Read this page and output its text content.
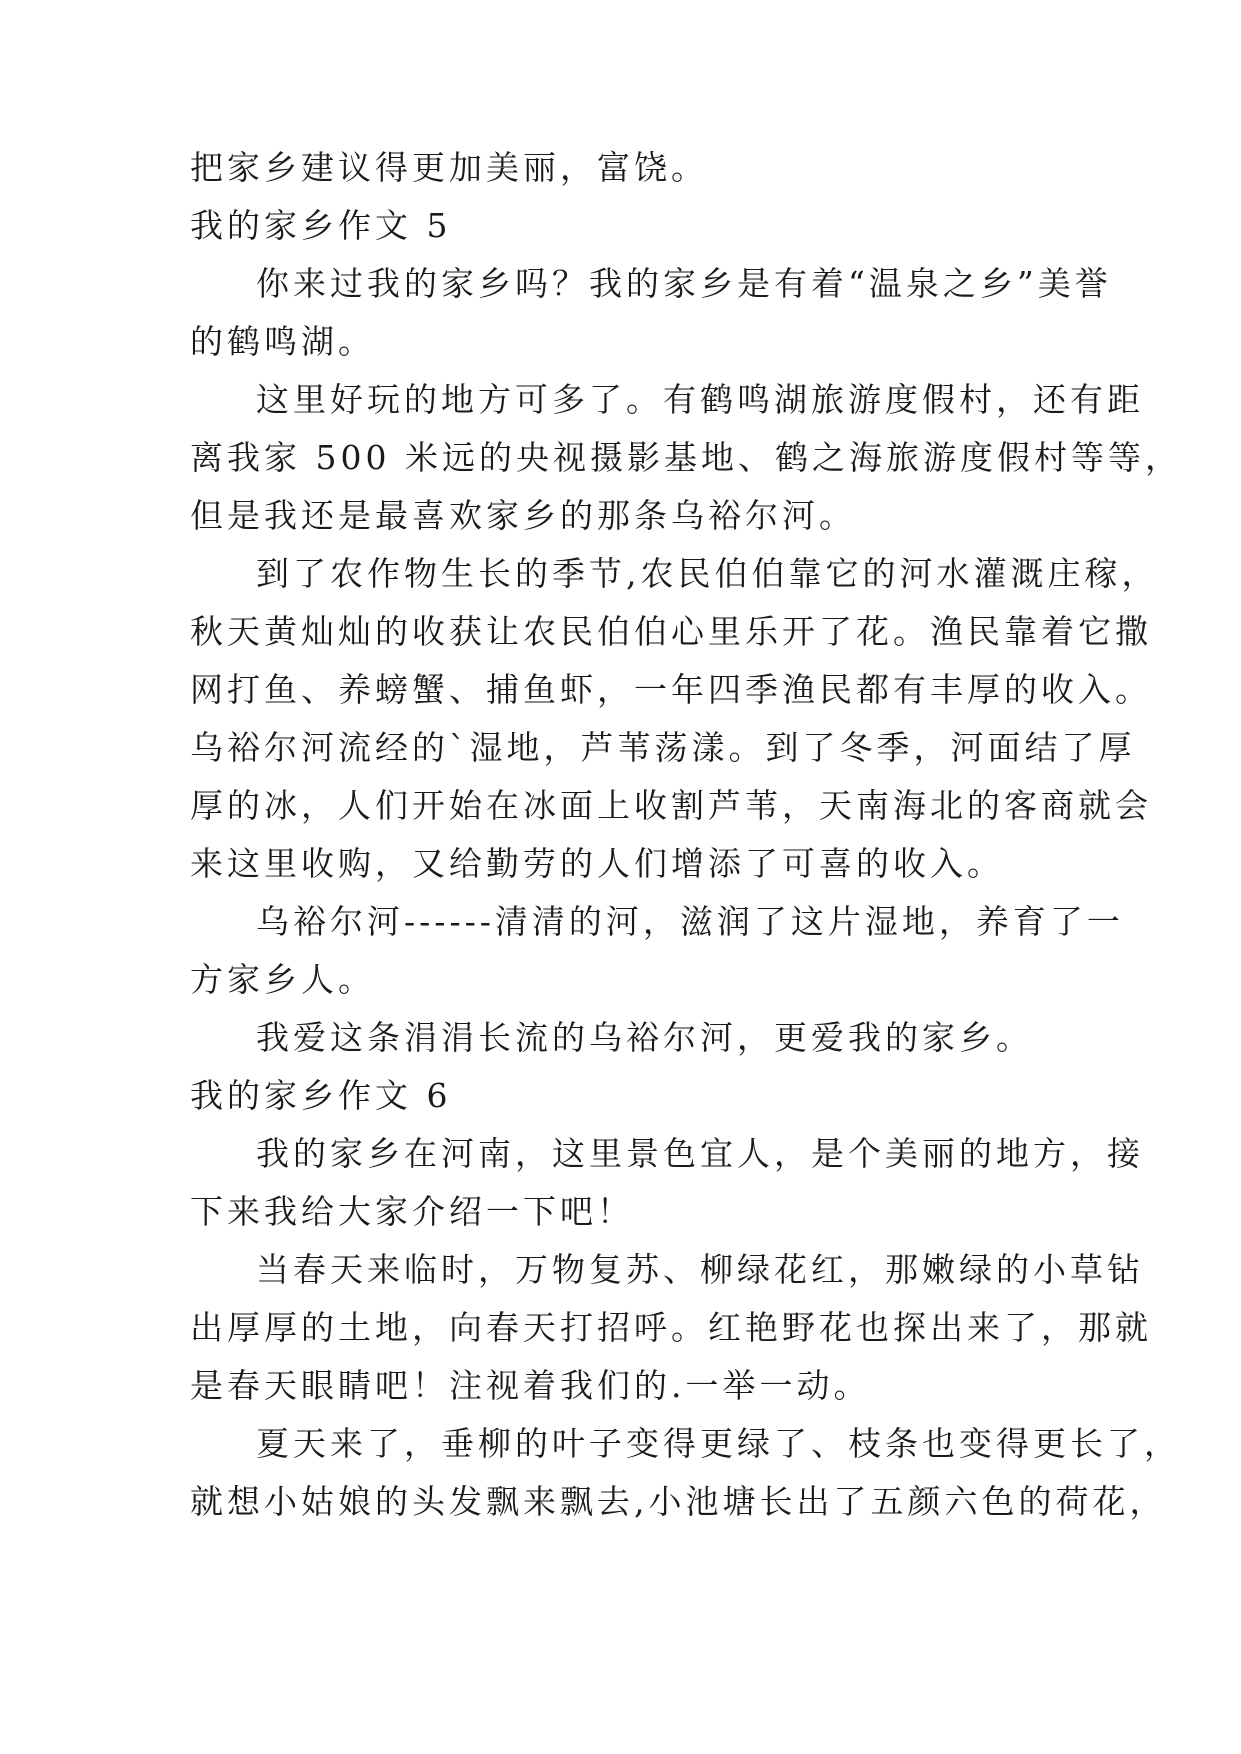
把家乡建议得更加美丽，富饶。
我的家乡作文 5
你来过我的家乡吗？我的家乡是有着“温泉之乡”美誉
的鹤鸣湖。
这里好玩的地方可多了。有鹤鸣湖旅游度假村，还有距
离我家 500 米远的央视摄影基地、鹤之海旅游度假村等等，
但是我还是最喜欢家乡的那条乌裕尔河。
到了农作物生长的季节,农民伯伯靠它的河水灌溉庄稼，
秋天黄灿灿的收获让农民伯伯心里乐开了花。渔民靠着它撒
网打鱼、养螃蟹、捕鱼虾，一年四季渔民都有丰厚的收入。
乌裕尔河流经的`湿地，芦苇荡漾。到了冬季，河面结了厚
厚的冰，人们开始在冰面上收割芦苇，天南海北的客商就会
来这里收购，又给勤劳的人们增添了可喜的收入。
乌裕尔河------清清的河，滋润了这片湿地，养育了一
方家乡人。
我爱这条涓涓长流的乌裕尔河，更爱我的家乡。
我的家乡作文 6
我的家乡在河南，这里景色宜人，是个美丽的地方，接
下来我给大家介绍一下吧！
当春天来临时，万物复苏、柳绿花红，那嫩绿的小草钻
出厚厚的土地，向春天打招呼。红艳野花也探出来了，那就
是春天眼睛吧！注视着我们的.一举一动。
夏天来了，垂柳的叶子变得更绿了、枝条也变得更长了，
就想小姑娘的头发飘来飘去,小池塘长出了五颜六色的荷花，
